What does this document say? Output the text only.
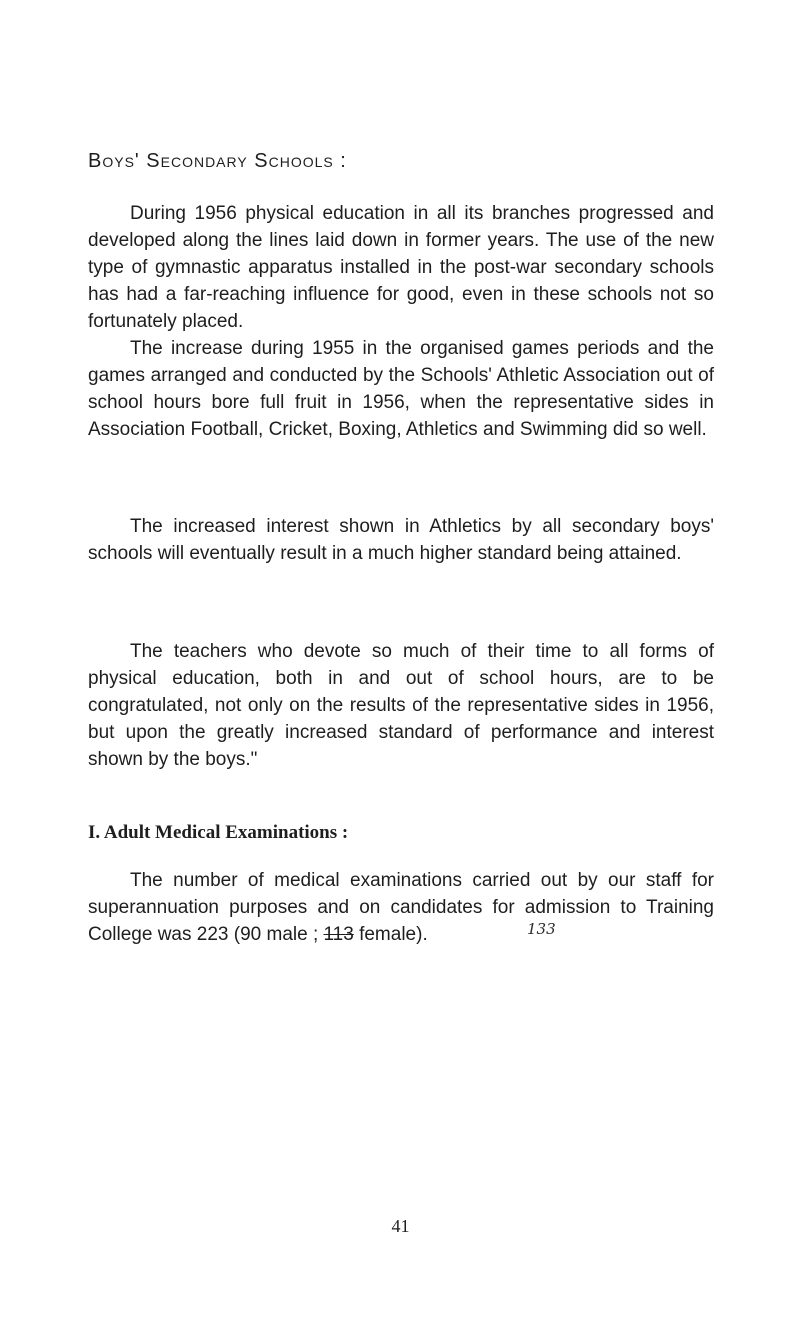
Boys' Secondary Schools :

During 1956 physical education in all its branches progressed and developed along the lines laid down in former years. The use of the new type of gymnastic apparatus installed in the post-war secondary schools has had a far-reaching influence for good, even in these schools not so fortunately placed.

The increase during 1955 in the organised games periods and the games arranged and conducted by the Schools' Athletic Association out of school hours bore full fruit in 1956, when the representative sides in Association Football, Cricket, Boxing, Athletics and Swimming did so well.

The increased interest shown in Athletics by all secondary boys' schools will eventually result in a much higher standard being attained.

The teachers who devote so much of their time to all forms of physical education, both in and out of school hours, are to be congratulated, not only on the results of the representative sides in 1956, but upon the greatly increased standard of performance and interest shown by the boys."

I. Adult Medical Examinations :

The number of medical examinations carried out by our staff for superannuation purposes and on candidates for admission to Training College was 223 (90 male ; 113 female).	133
41
